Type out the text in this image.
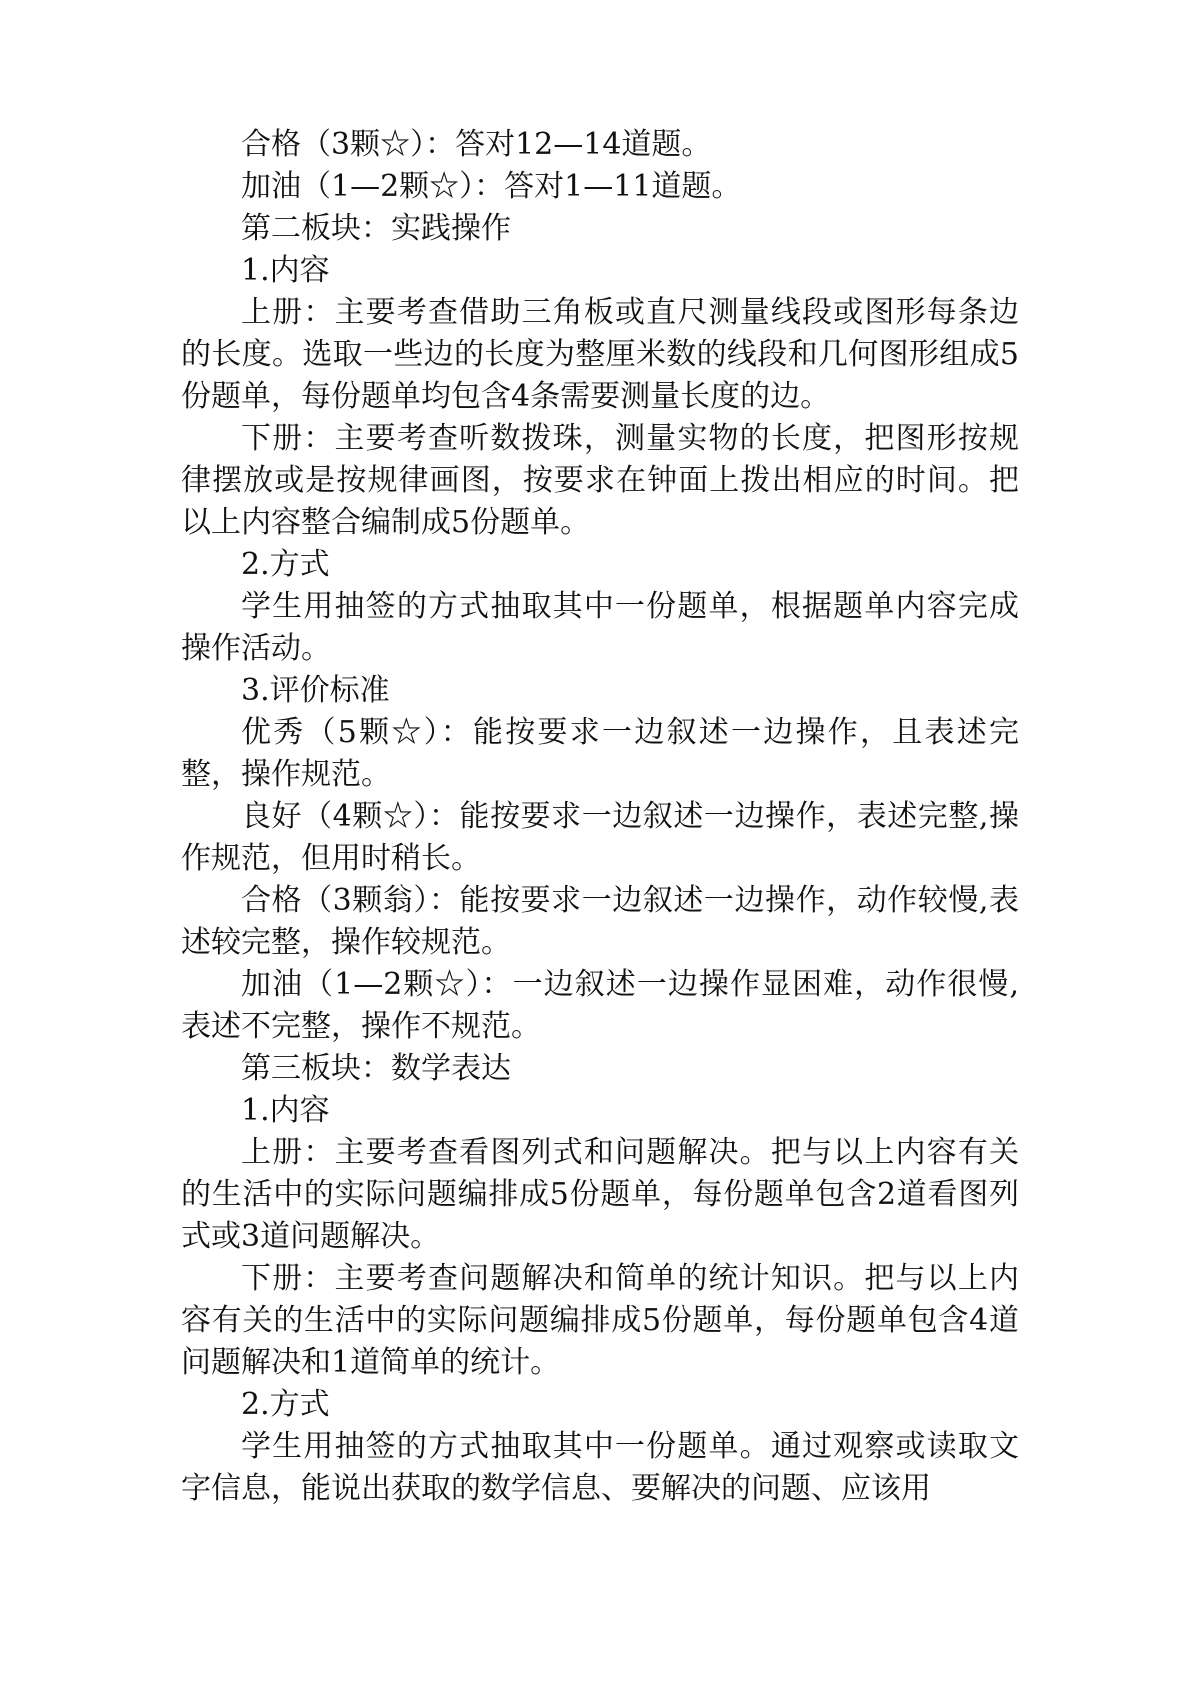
合格（3颗☆）：答对12—14道题。

加油（1—2颗☆）：答对1—11道题。

第二板块：实践操作

1.内容

上册：主要考查借助三角板或直尺测量线段或图形每条边的长度。选取一些边的长度为整厘米数的线段和几何图形组成5份题单，每份题单均包含4条需要测量长度的边。

下册：主要考查听数拨珠，测量实物的长度，把图形按规律摆放或是按规律画图，按要求在钟面上拨出相应的时间。把以上内容整合编制成5份题单。

2.方式

学生用抽签的方式抽取其中一份题单，根据题单内容完成操作活动。

3.评价标准

优秀（5颗☆）：能按要求一边叙述一边操作，且表述完整，操作规范。

良好（4颗☆）：能按要求一边叙述一边操作，表述完整,操作规范，但用时稍长。

合格（3颗翁）：能按要求一边叙述一边操作，动作较慢,表述较完整，操作较规范。

加油（1—2颗☆）：一边叙述一边操作显困难，动作很慢,表述不完整，操作不规范。

第三板块：数学表达

1.内容

上册：主要考查看图列式和问题解决。把与以上内容有关的生活中的实际问题编排成5份题单，每份题单包含2道看图列式或3道问题解决。

下册：主要考查问题解决和简单的统计知识。把与以上内容有关的生活中的实际问题编排成5份题单，每份题单包含4道问题解决和1道简单的统计。

2.方式

学生用抽签的方式抽取其中一份题单。通过观察或读取文字信息，能说出获取的数学信息、要解决的问题、应该用
